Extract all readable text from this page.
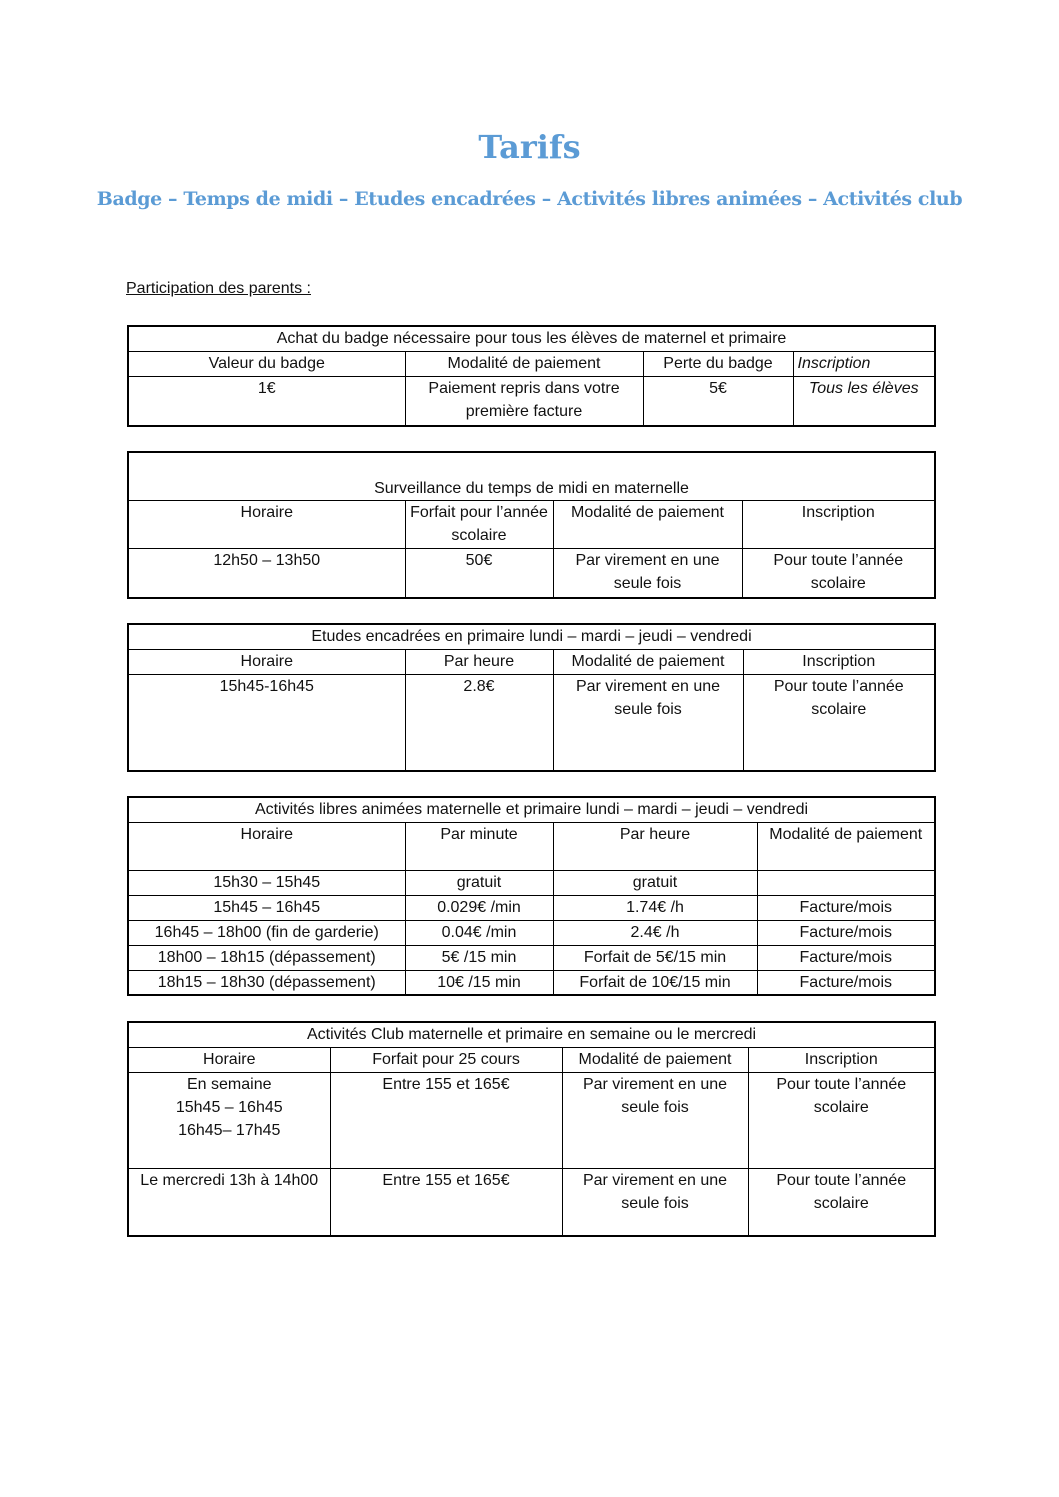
Tarifs
Badge – Temps de midi – Etudes encadrées – Activités libres animées – Activités club
Participation des parents :
Achat du badge nécessaire pour tous les élèves de maternel et primaire			
Valeur du badge	Modalité de paiement	Perte du badge	Inscription
1€	Paiement repris dans votre première facture	5€	Tous les élèves
Surveillance du temps de midi en maternelle			
Horaire	Forfait pour l’année scolaire	Modalité de paiement	Inscription
12h50 – 13h50	50€	Par virement en une seule fois	Pour toute l’année scolaire
Etudes encadrées en primaire lundi – mardi – jeudi – vendredi			
Horaire	Par heure	Modalité de paiement	Inscription
15h45-16h45	2.8€	Par virement en une seule fois	Pour toute l’année scolaire
Activités libres animées maternelle et primaire lundi – mardi – jeudi – vendredi			
Horaire	Par minute	Par heure	Modalité de paiement
15h30 – 15h45	gratuit	gratuit	
15h45 – 16h45	0.029€ /min	1.74€ /h	Facture/mois
16h45 – 18h00 (fin de garderie)	0.04€ /min	2.4€ /h	Facture/mois
18h00 – 18h15 (dépassement)	5€ /15 min	Forfait de 5€/15 min	Facture/mois
18h15 – 18h30 (dépassement)	10€ /15 min	Forfait de 10€/15 min	Facture/mois
Activités Club maternelle et primaire en semaine ou le mercredi			
Horaire	Forfait pour 25 cours	Modalité de paiement	Inscription

En semaine
15h45 – 16h45
16h45– 17h45	Entre 155 et 165€	Par virement en une seule fois	Pour toute l’année scolaire
Le mercredi 13h à 14h00	Entre 155 et 165€	Par virement en une seule fois	Pour toute l’année scolaire
